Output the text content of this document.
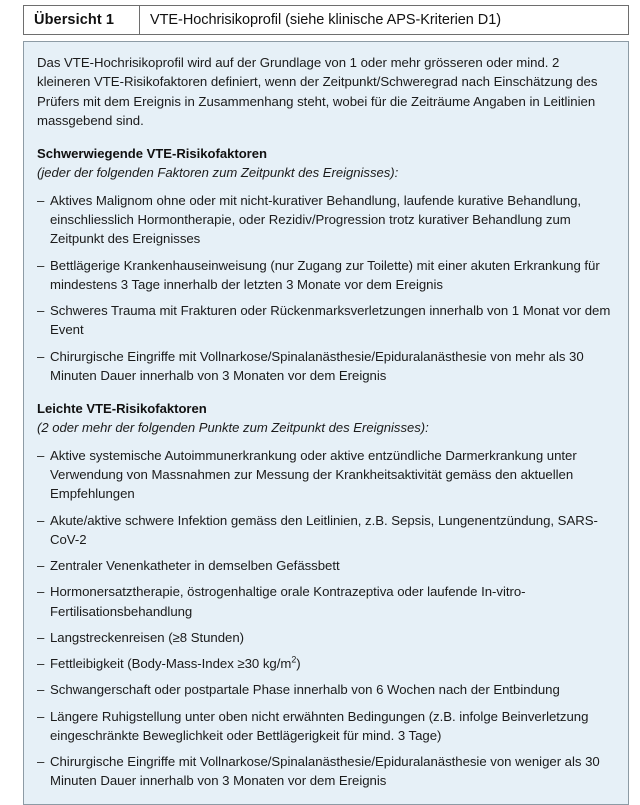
Übersicht 1	VTE-Hochrisikoprofil (siehe klinische APS-Kriterien D1)

Das VTE-Hochrisikoprofil wird auf der Grundlage von 1 oder mehr grösseren oder mind. 2 kleineren VTE-Risikofaktoren definiert, wenn der Zeitpunkt/Schweregrad nach Einschätzung des Prüfers mit dem Ereignis in Zusammenhang steht, wobei für die Zeiträume Angaben in Leitlinien massgebend sind.

Schwerwiegende VTE-Risikofaktoren
(jeder der folgenden Faktoren zum Zeitpunkt des Ereignisses):
– Aktives Malignom ohne oder mit nicht-kurativer Behandlung, laufende kurative Behandlung, einschliesslich Hormontherapie, oder Rezidiv/Progression trotz kurativer Behandlung zum Zeitpunkt des Ereignisses
– Bettlägerige Krankenhauseinweisung (nur Zugang zur Toilette) mit einer akuten Erkrankung für mindestens 3 Tage innerhalb der letzten 3 Monate vor dem Ereignis
– Schweres Trauma mit Frakturen oder Rückenmarksverletzungen innerhalb von 1 Monat vor dem Event
– Chirurgische Eingriffe mit Vollnarkose/Spinalanästhesie/Epiduralanästhesie von mehr als 30 Minuten Dauer innerhalb von 3 Monaten vor dem Ereignis
Leichte VTE-Risikofaktoren
(2 oder mehr der folgenden Punkte zum Zeitpunkt des Ereignisses):
– Aktive systemische Autoimmunerkrankung oder aktive entzündliche Darmerkrankung unter Verwendung von Massnahmen zur Messung der Krankheitsaktivität gemäss den aktuellen Empfehlungen
– Akute/aktive schwere Infektion gemäss den Leitlinien, z.B. Sepsis, Lungenentzündung, SARS-CoV-2
– Zentraler Venenkatheter in demselben Gefässbett
– Hormonersatztherapie, östrogenhaltige orale Kontrazeptiva oder laufende In-vitro-Fertilisationsbehandlung
– Langstreckenreisen (≥8 Stunden)
– Fettleibigkeit (Body-Mass-Index ≥30 $kg/m^2$)
– Schwangerschaft oder postpartale Phase innerhalb von 6 Wochen nach der Entbindung
– Längere Ruhigstellung unter oben nicht erwähnten Bedingungen (z.B. infolge Beinverletzung eingeschränkte Beweglichkeit oder Bettlägerigkeit für mind. 3 Tage)
– Chirurgische Eingriffe mit Vollnarkose/Spinalanästhesie/Epiduralanästhesie von weniger als 30 Minuten Dauer innerhalb von 3 Monaten vor dem Ereignis
